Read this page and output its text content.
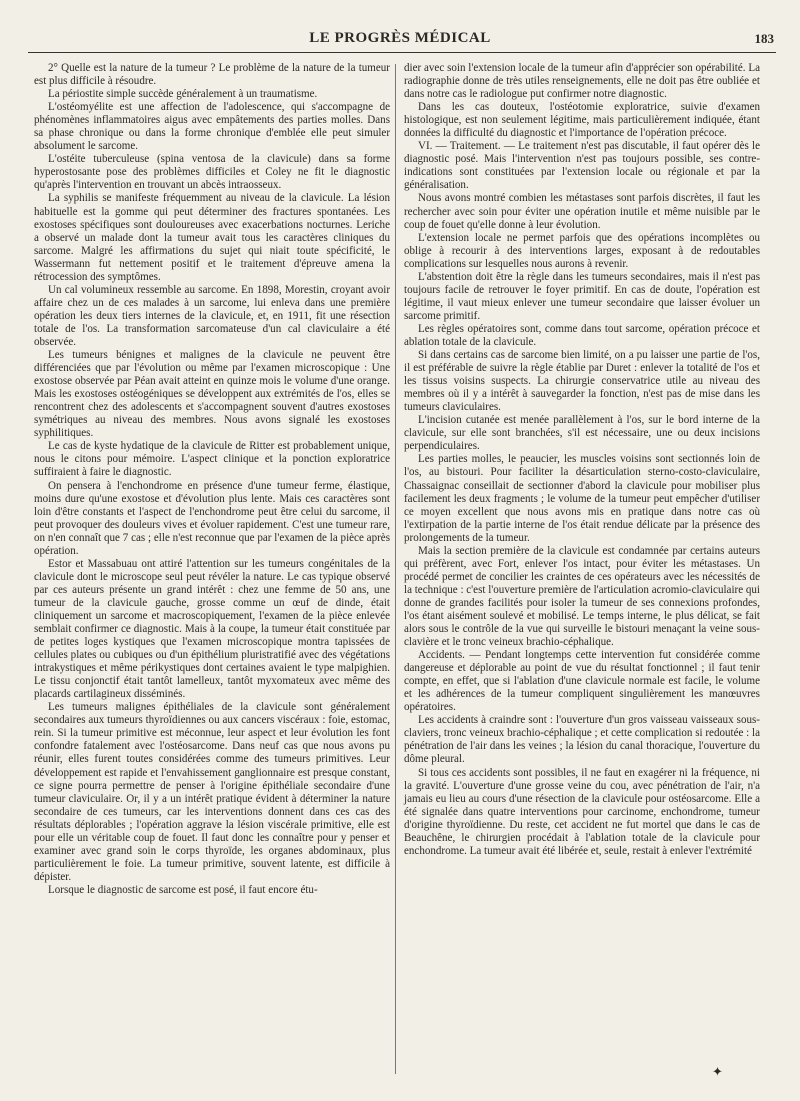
LE PROGRÈS MÉDICAL	183

2° Quelle est la nature de la tumeur ? Le problème de la nature de la tumeur est plus difficile à résoudre.

La périostite simple succède généralement à un traumatisme.

L'ostéomyélite est une affection de l'adolescence, qui s'accompagne de phénomènes inflammatoires aigus avec empâtements des parties molles. Dans sa phase chronique ou dans la forme chronique d'emblée elle peut simuler absolument le sarcome.

L'ostéite tuberculeuse (spina ventosa de la clavicule) dans sa forme hyperostosante pose des problèmes difficiles et Coley ne fit le diagnostic qu'après l'intervention en trouvant un abcès intraosseux.

La syphilis se manifeste fréquemment au niveau de la clavicule. La lésion habituelle est la gomme qui peut déterminer des fractures spontanées. Les exostoses spécifiques sont douloureuses avec exacerbations nocturnes. Leriche a observé un malade dont la tumeur avait tous les caractères cliniques du sarcome. Malgré les affirmations du sujet qui niait toute spécificité, le Wassermann fut nettement positif et le traitement d'épreuve amena la rétrocession des symptômes.

Un cal volumineux ressemble au sarcome. En 1898, Morestin, croyant avoir affaire chez un de ces malades à un sarcome, lui enleva dans une première opération les deux tiers internes de la clavicule, et, en 1911, fit une résection totale de l'os. La transformation sarcomateuse d'un cal claviculaire a été observée.

Les tumeurs bénignes et malignes de la clavicule ne peuvent être différenciées que par l'évolution ou même par l'examen microscopique : Une exostose observée par Péan avait atteint en quinze mois le volume d'une orange. Mais les exostoses ostéogéniques se développent aux extrémités de l'os, elles se rencontrent chez des adolescents et s'accompagnent souvent d'autres exostoses symétriques au niveau des membres. Nous avons signalé les exostoses syphilitiques.

Le cas de kyste hydatique de la clavicule de Ritter est probablement unique, nous le citons pour mémoire. L'aspect clinique et la ponction exploratrice suffiraient à faire le diagnostic.

On pensera à l'enchondrome en présence d'une tumeur ferme, élastique, moins dure qu'une exostose et d'évolution plus lente. Mais ces caractères sont loin d'être constants et l'aspect de l'enchondrome peut être celui du sarcome, il peut provoquer des douleurs vives et évoluer rapidement. C'est une tumeur rare, on n'en connaît que 7 cas ; elle n'est reconnue que par l'examen de la pièce après opération.

Estor et Massabuau ont attiré l'attention sur les tumeurs congénitales de la clavicule dont le microscope seul peut révéler la nature. Le cas typique observé par ces auteurs présente un grand intérêt : chez une femme de 50 ans, une tumeur de la clavicule gauche, grosse comme un œuf de dinde, était cliniquement un sarcome et macroscopiquement, l'examen de la pièce enlevée semblait confirmer ce diagnostic. Mais à la coupe, la tumeur était constituée par de petites loges kystiques que l'examen microscopique montra tapissées de cellules plates ou cubiques ou d'un épithélium pluristratifié avec des végétations intrakystiques et même périkystiques dont certaines avaient le type malpighien. Le tissu conjonctif était tantôt lamelleux, tantôt myxomateux avec même des placards cartilagineux disséminés.

Les tumeurs malignes épithéliales de la clavicule sont généralement secondaires aux tumeurs thyroïdiennes ou aux cancers viscéraux : foie, estomac, rein. Si la tumeur primitive est méconnue, leur aspect et leur évolution les font confondre fatalement avec l'ostéosarcome. Dans neuf cas que nous avons pu réunir, elles furent toutes considérées comme des tumeurs primitives. Leur développement est rapide et l'envahissement ganglionnaire est presque constant, ce signe pourra permettre de penser à l'origine épithéliale secondaire d'une tumeur claviculaire. Or, il y a un intérêt pratique évident à déterminer la nature secondaire de ces tumeurs, car les interventions donnent dans ces cas des résultats déplorables ; l'opération aggrave la lésion viscérale primitive, elle est pour elle un véritable coup de fouet. Il faut donc les connaître pour y penser et examiner avec grand soin le corps thyroïde, les organes abdominaux, plus particulièrement le foie. La tumeur primitive, souvent latente, est difficile à dépister.

Lorsque le diagnostic de sarcome est posé, il faut encore étu-

dier avec soin l'extension locale de la tumeur afin d'apprécier son opérabilité. La radiographie donne de très utiles renseignements, elle ne doit pas être oubliée et dans notre cas le radiologue put confirmer notre diagnostic.

Dans les cas douteux, l'ostéotomie exploratrice, suivie d'examen histologique, est non seulement légitime, mais particulièrement indiquée, étant données la difficulté du diagnostic et l'importance de l'opération précoce.

VI. — Traitement. — Le traitement n'est pas discutable, il faut opérer dès le diagnostic posé. Mais l'intervention n'est pas toujours possible, ses contre-indications sont constituées par l'extension locale ou régionale et par la généralisation.

Nous avons montré combien les métastases sont parfois discrètes, il faut les rechercher avec soin pour éviter une opération inutile et même nuisible par le coup de fouet qu'elle donne à leur évolution.

L'extension locale ne permet parfois que des opérations incomplètes ou oblige à recourir à des interventions larges, exposant à de redoutables complications sur lesquelles nous aurons à revenir.

L'abstention doit être la règle dans les tumeurs secondaires, mais il n'est pas toujours facile de retrouver le foyer primitif. En cas de doute, l'opération est légitime, il vaut mieux enlever une tumeur secondaire que laisser évoluer un sarcome primitif.

Les règles opératoires sont, comme dans tout sarcome, opération précoce et ablation totale de la clavicule.

Si dans certains cas de sarcome bien limité, on a pu laisser une partie de l'os, il est préférable de suivre la règle établie par Duret : enlever la totalité de l'os et les tissus voisins suspects. La chirurgie conservatrice utile au niveau des membres où il y a intérêt à sauvegarder la fonction, n'est pas de mise dans les tumeurs claviculaires.

L'incision cutanée est menée parallèlement à l'os, sur le bord interne de la clavicule, sur elle sont branchées, s'il est nécessaire, une ou deux incisions perpendiculaires.

Les parties molles, le peaucier, les muscles voisins sont sectionnés loin de l'os, au bistouri. Pour faciliter la désarticulation sterno-costo-claviculaire, Chassaignac conseillait de sectionner d'abord la clavicule pour mobiliser plus facilement les deux fragments ; le volume de la tumeur peut empêcher d'utiliser ce moyen excellent que nous avons mis en pratique dans notre cas où l'extirpation de la partie interne de l'os était rendue délicate par la présence des prolongements de la tumeur.

Mais la section première de la clavicule est condamnée par certains auteurs qui préfèrent, avec Fort, enlever l'os intact, pour éviter les métastases. Un procédé permet de concilier les craintes de ces opérateurs avec les nécessités de la technique : c'est l'ouverture première de l'articulation acromio-claviculaire qui donne de grandes facilités pour isoler la tumeur de ses connexions profondes, l'os étant aisément soulevé et mobilisé. Le temps interne, le plus délicat, se fait alors sous le contrôle de la vue qui surveille le bistouri menaçant la veine sous-clavière et le tronc veineux brachio-céphalique.

Accidents. — Pendant longtemps cette intervention fut considérée comme dangereuse et déplorable au point de vue du résultat fonctionnel ; il faut tenir compte, en effet, que si l'ablation d'une clavicule normale est facile, le volume et les adhérences de la tumeur compliquent singulièrement les manœuvres opératoires.

Les accidents à craindre sont : l'ouverture d'un gros vaisseau vaisseaux sous-claviers, tronc veineux brachio-céphalique ; et cette complication si redoutée : la pénétration de l'air dans les veines ; la lésion du canal thoracique, l'ouverture du dôme pleural.

Si tous ces accidents sont possibles, il ne faut en exagérer ni la fréquence, ni la gravité. L'ouverture d'une grosse veine du cou, avec pénétration de l'air, n'a jamais eu lieu au cours d'une résection de la clavicule pour ostéosarcome. Elle a été signalée dans quatre interventions pour carcinome, enchondrome, tumeur d'origine thyroïdienne. Du reste, cet accident ne fut mortel que dans le cas de Beauchêne, le chirurgien procédait à l'ablation totale de la clavicule pour enchondrome. La tumeur avait été libérée et, seule, restait à enlever l'extrémité

✦
